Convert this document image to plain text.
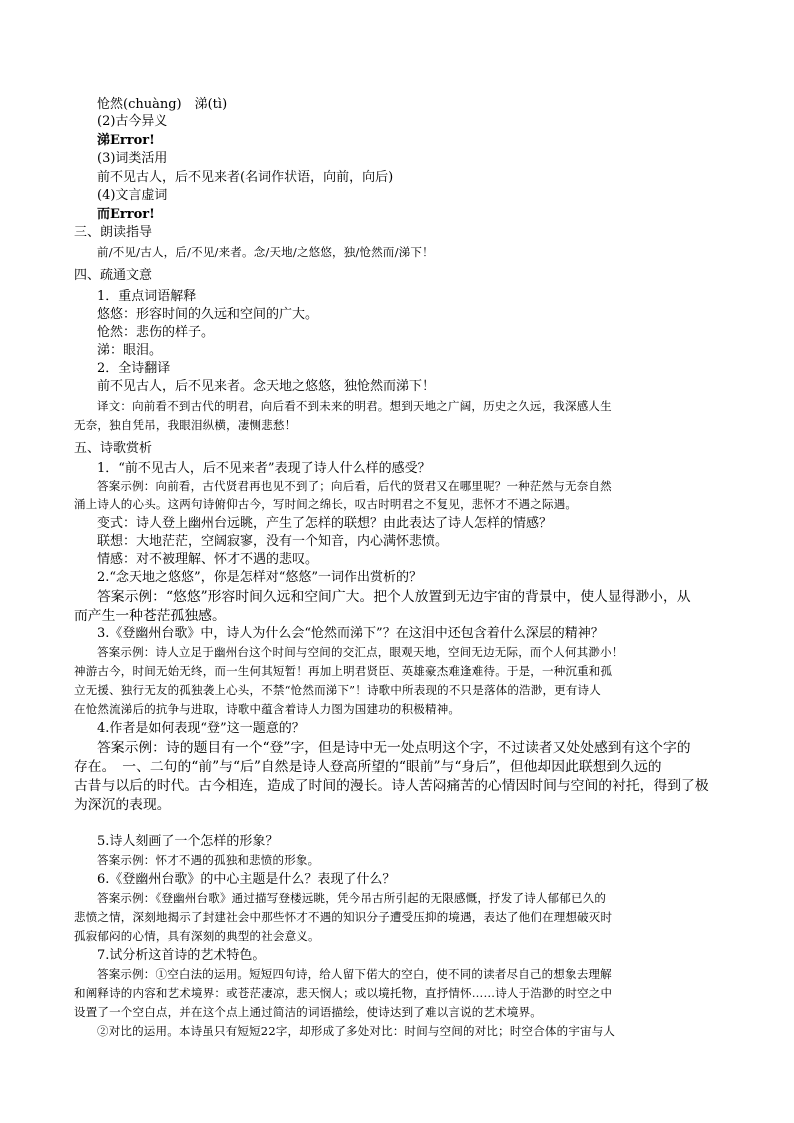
怆然(chuàng)　涕(tì)
(2)古今异义
涕Error!
(3)词类活用
前不见古人，后不见来者(名词作状语，向前，向后)
(4)文言虚词
而Error!
三、朗读指导
前/不见/古人，后/不见/来者。念/天地/之悠悠，独/怆然而/涕下！
四、疏通文意
1．重点词语解释
悠悠：形容时间的久远和空间的广大。
怆然：悲伤的样子。
涕：眼泪。
2．全诗翻译
前不见古人，后不见来者。念天地之悠悠，独怆然而涕下！
译文：向前看不到古代的明君，向后看不到未来的明君。想到天地之广阔，历史之久远，我深感人生
无奈，独自凭吊，我眼泪纵横，凄恻悲愁！
五、诗歌赏析
1．“前不见古人，后不见来者”表现了诗人什么样的感受？
答案示例：向前看，古代贤君再也见不到了；向后看，后代的贤君又在哪里呢？一种茫然与无奈自然
涌上诗人的心头。这两句诗俯仰古今，写时间之绵长，叹古时明君之不复见，悲怀才不遇之际遇。
变式：诗人登上幽州台远眺，产生了怎样的联想？由此表达了诗人怎样的情感？
联想：大地茫茫，空阔寂寥，没有一个知音，内心满怀悲愤。
情感：对不被理解、怀才不遇的悲叹。
2.“念天地之悠悠”，你是怎样对“悠悠”一词作出赏析的？
答案示例：“悠悠”形容时间久远和空间广大。把个人放置到无边宇宙的背景中，使人显得渺小，从
而产生一种苍茫孤独感。
3.《登幽州台歌》中，诗人为什么会“怆然而涕下”？在这泪中还包含着什么深层的精神？
答案示例：诗人立足于幽州台这个时间与空间的交汇点，眼观天地，空间无边无际，而个人何其渺小！
神游古今，时间无始无终，而一生何其短暂！再加上明君贤臣、英雄豪杰难逢难待。于是，一种沉重和孤
立无援、独行无友的孤独袭上心头，不禁“怆然而涕下”！诗歌中所表现的不只是落体的浩渺，更有诗人
在怆然流涕后的抗争与进取，诗歌中蕴含着诗人力图为国建功的积极精神。
4.作者是如何表现“登”这一题意的？
答案示例：诗的题目有一个“登”字，但是诗中无一处点明这个字，不过读者又处处感到有这个字的
存在。　一、二句的“前”与“后”自然是诗人登高所望的“眼前”与“身后”，但他却因此联想到久远的
古昔与以后的时代。古今相连，造成了时间的漫长。诗人苦闷痛苦的心情因时间与空间的衬托，得到了极
为深沉的表现。
5.诗人刻画了一个怎样的形象？
答案示例：怀才不遇的孤独和悲愤的形象。
6.《登幽州台歌》的中心主题是什么？表现了什么？
答案示例：《登幽州台歌》通过描写登楼远眺，凭今吊古所引起的无限感慨，抒发了诗人郁郁已久的
悲愤之情，深刻地揭示了封建社会中那些怀才不遇的知识分子遭受压抑的境遇，表达了他们在理想破灭时
孤寂郁闷的心情，具有深刻的典型的社会意义。
7.试分析这首诗的艺术特色。
答案示例：①空白法的运用。短短四句诗，给人留下偌大的空白，使不同的读者尽自己的想象去理解
和阐释诗的内容和艺术境界：或苍茫凄凉，悲天悯人；或以境托物，直抒情怀……诗人于浩渺的时空之中
设置了一个空白点，并在这个点上通过简洁的词语描绘，使诗达到了难以言说的艺术境界。
②对比的运用。本诗虽只有短短22字，却形成了多处对比：时间与空间的对比；时空合体的宇宙与人
